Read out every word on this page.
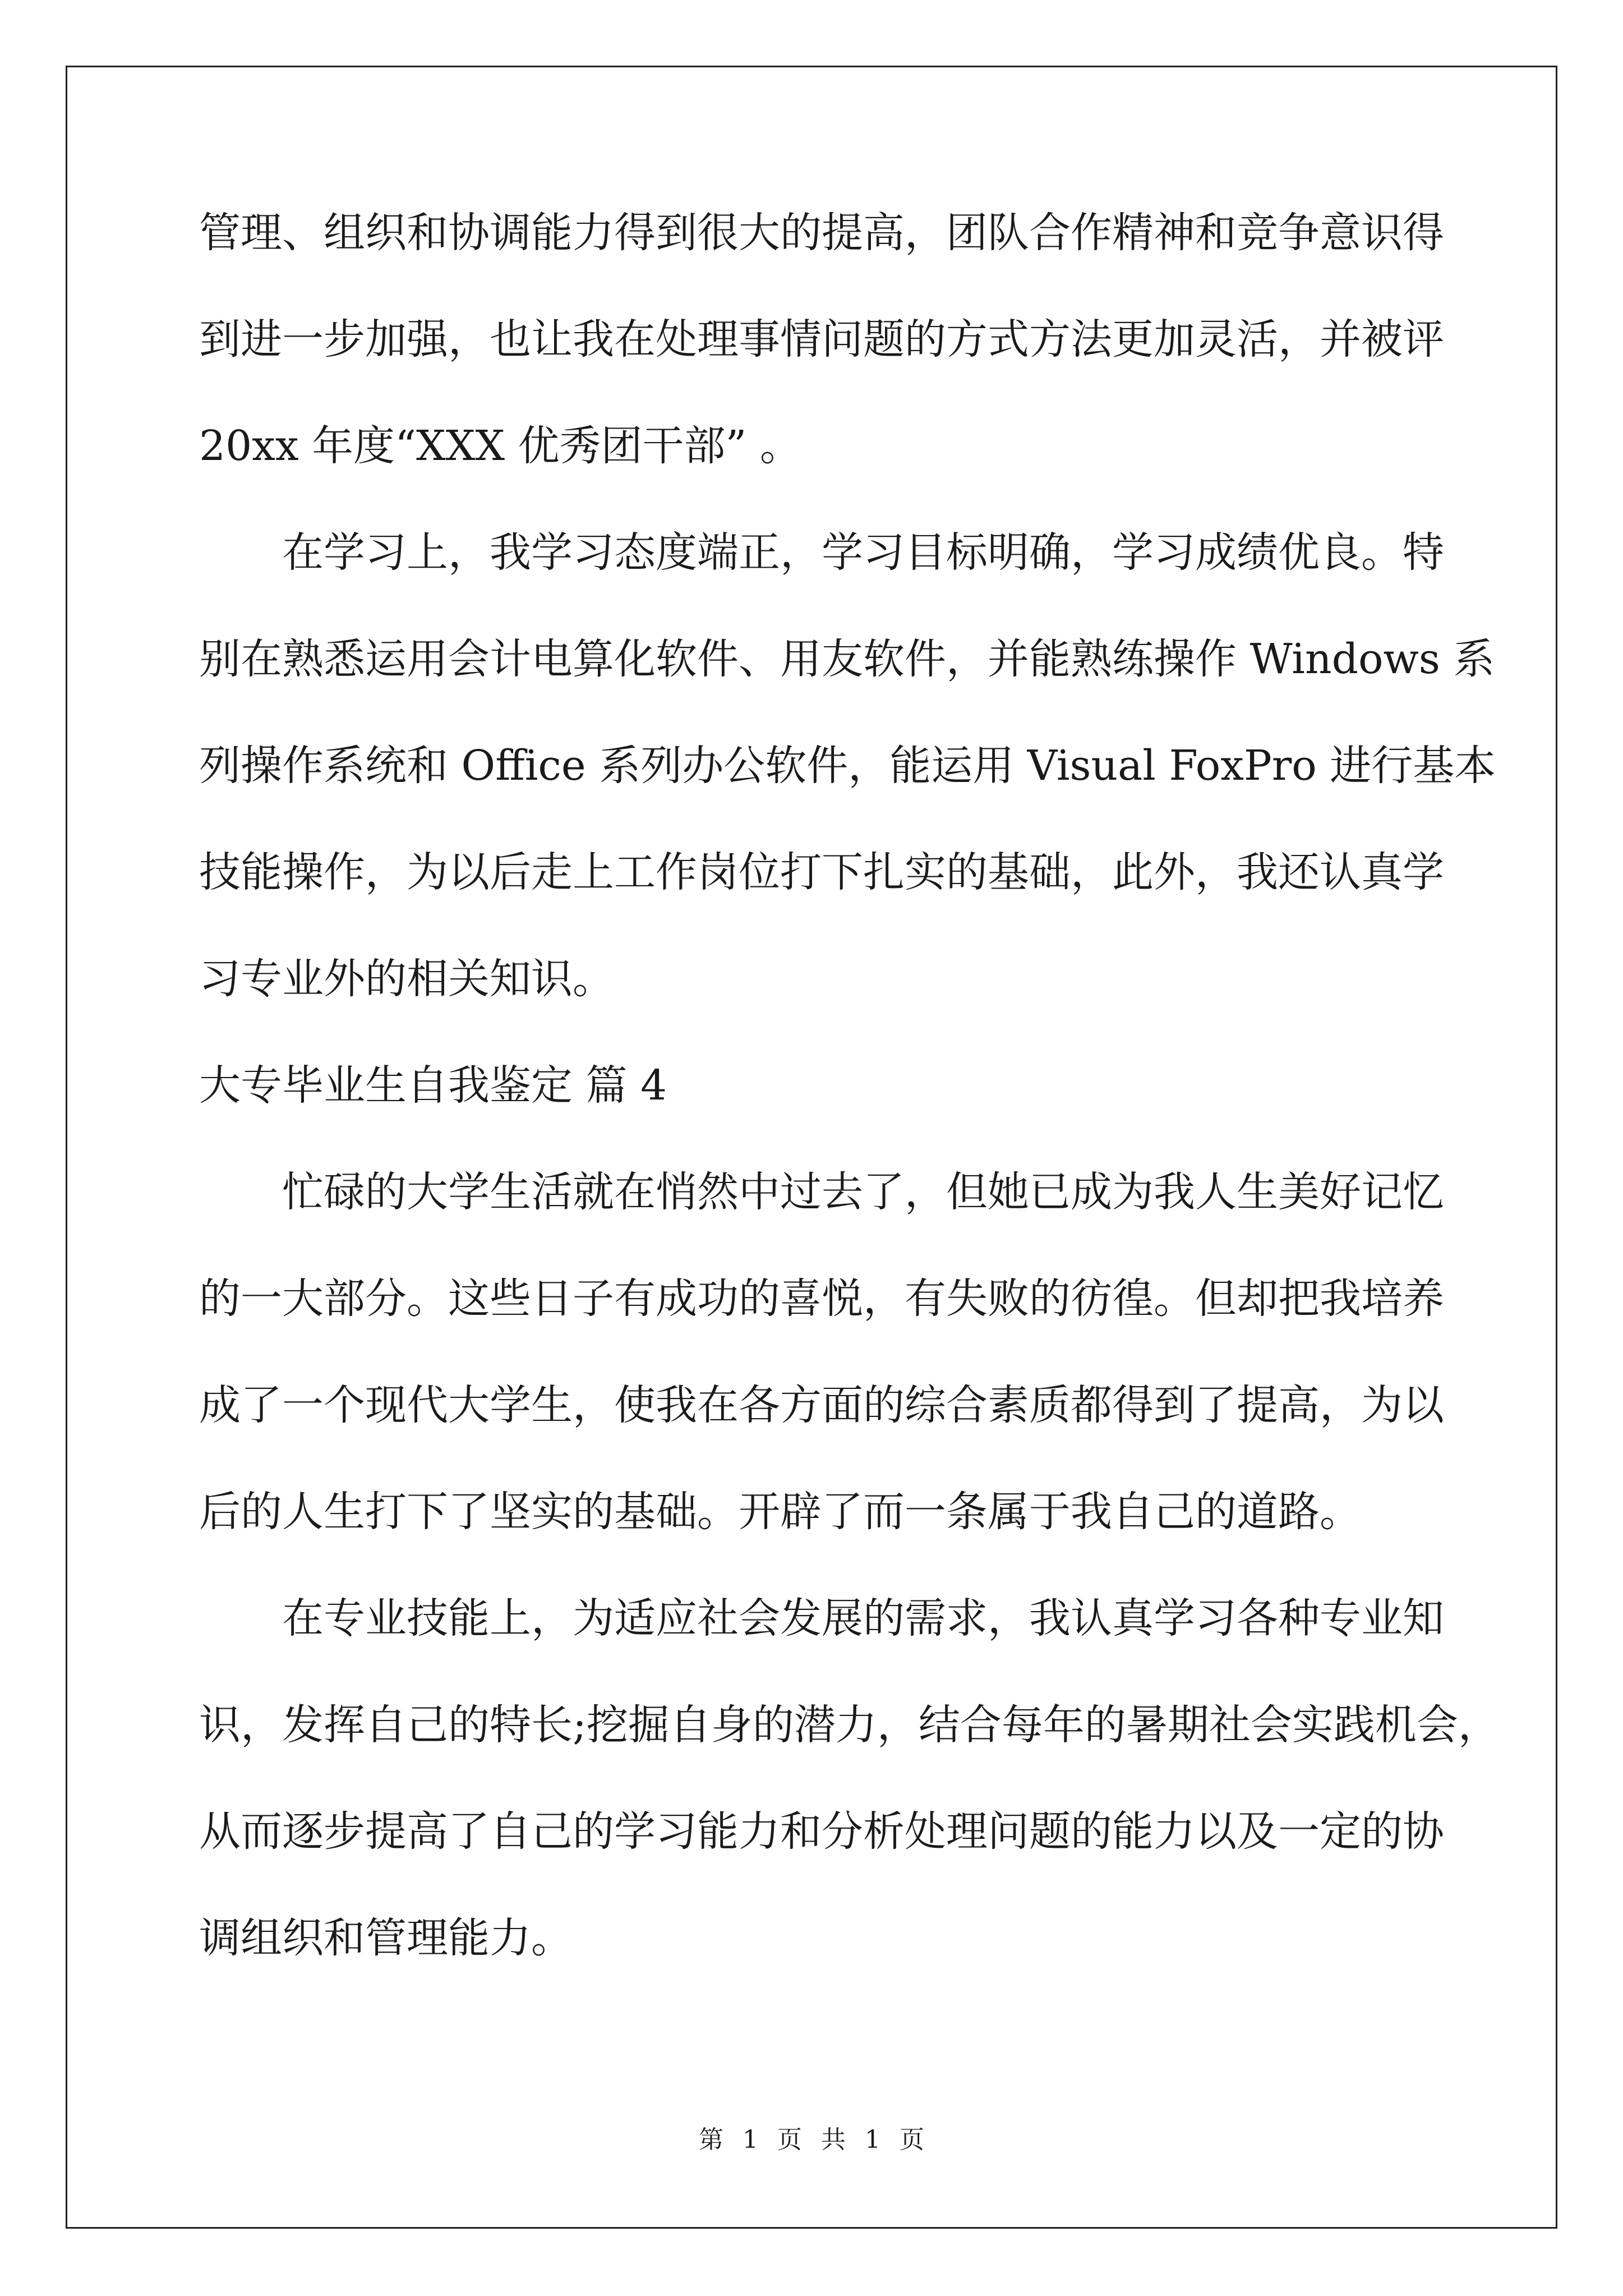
管理、组织和协调能力得到很大的提高，团队合作精神和竞争意识得
到进一步加强，也让我在处理事情问题的方式方法更加灵活，并被评
20xx 年度“XXX 优秀团干部” 。
在学习上，我学习态度端正，学习目标明确，学习成绩优良。特
别在熟悉运用会计电算化软件、用友软件，并能熟练操作 Windows 系
列操作系统和 Office 系列办公软件，能运用 Visual FoxPro 进行基本
技能操作，为以后走上工作岗位打下扎实的基础，此外，我还认真学
习专业外的相关知识。
大专毕业生自我鉴定 篇 4
忙碌的大学生活就在悄然中过去了，但她已成为我人生美好记忆
的一大部分。这些日子有成功的喜悦，有失败的彷徨。但却把我培养
成了一个现代大学生，使我在各方面的综合素质都得到了提高，为以
后的人生打下了坚实的基础。开辟了而一条属于我自己的道路。
在专业技能上，为适应社会发展的需求，我认真学习各种专业知
识，发挥自己的特长;挖掘自身的潜力，结合每年的暑期社会实践机会，
从而逐步提高了自己的学习能力和分析处理问题的能力以及一定的协
调组织和管理能力。
第 1 页 共 1 页
